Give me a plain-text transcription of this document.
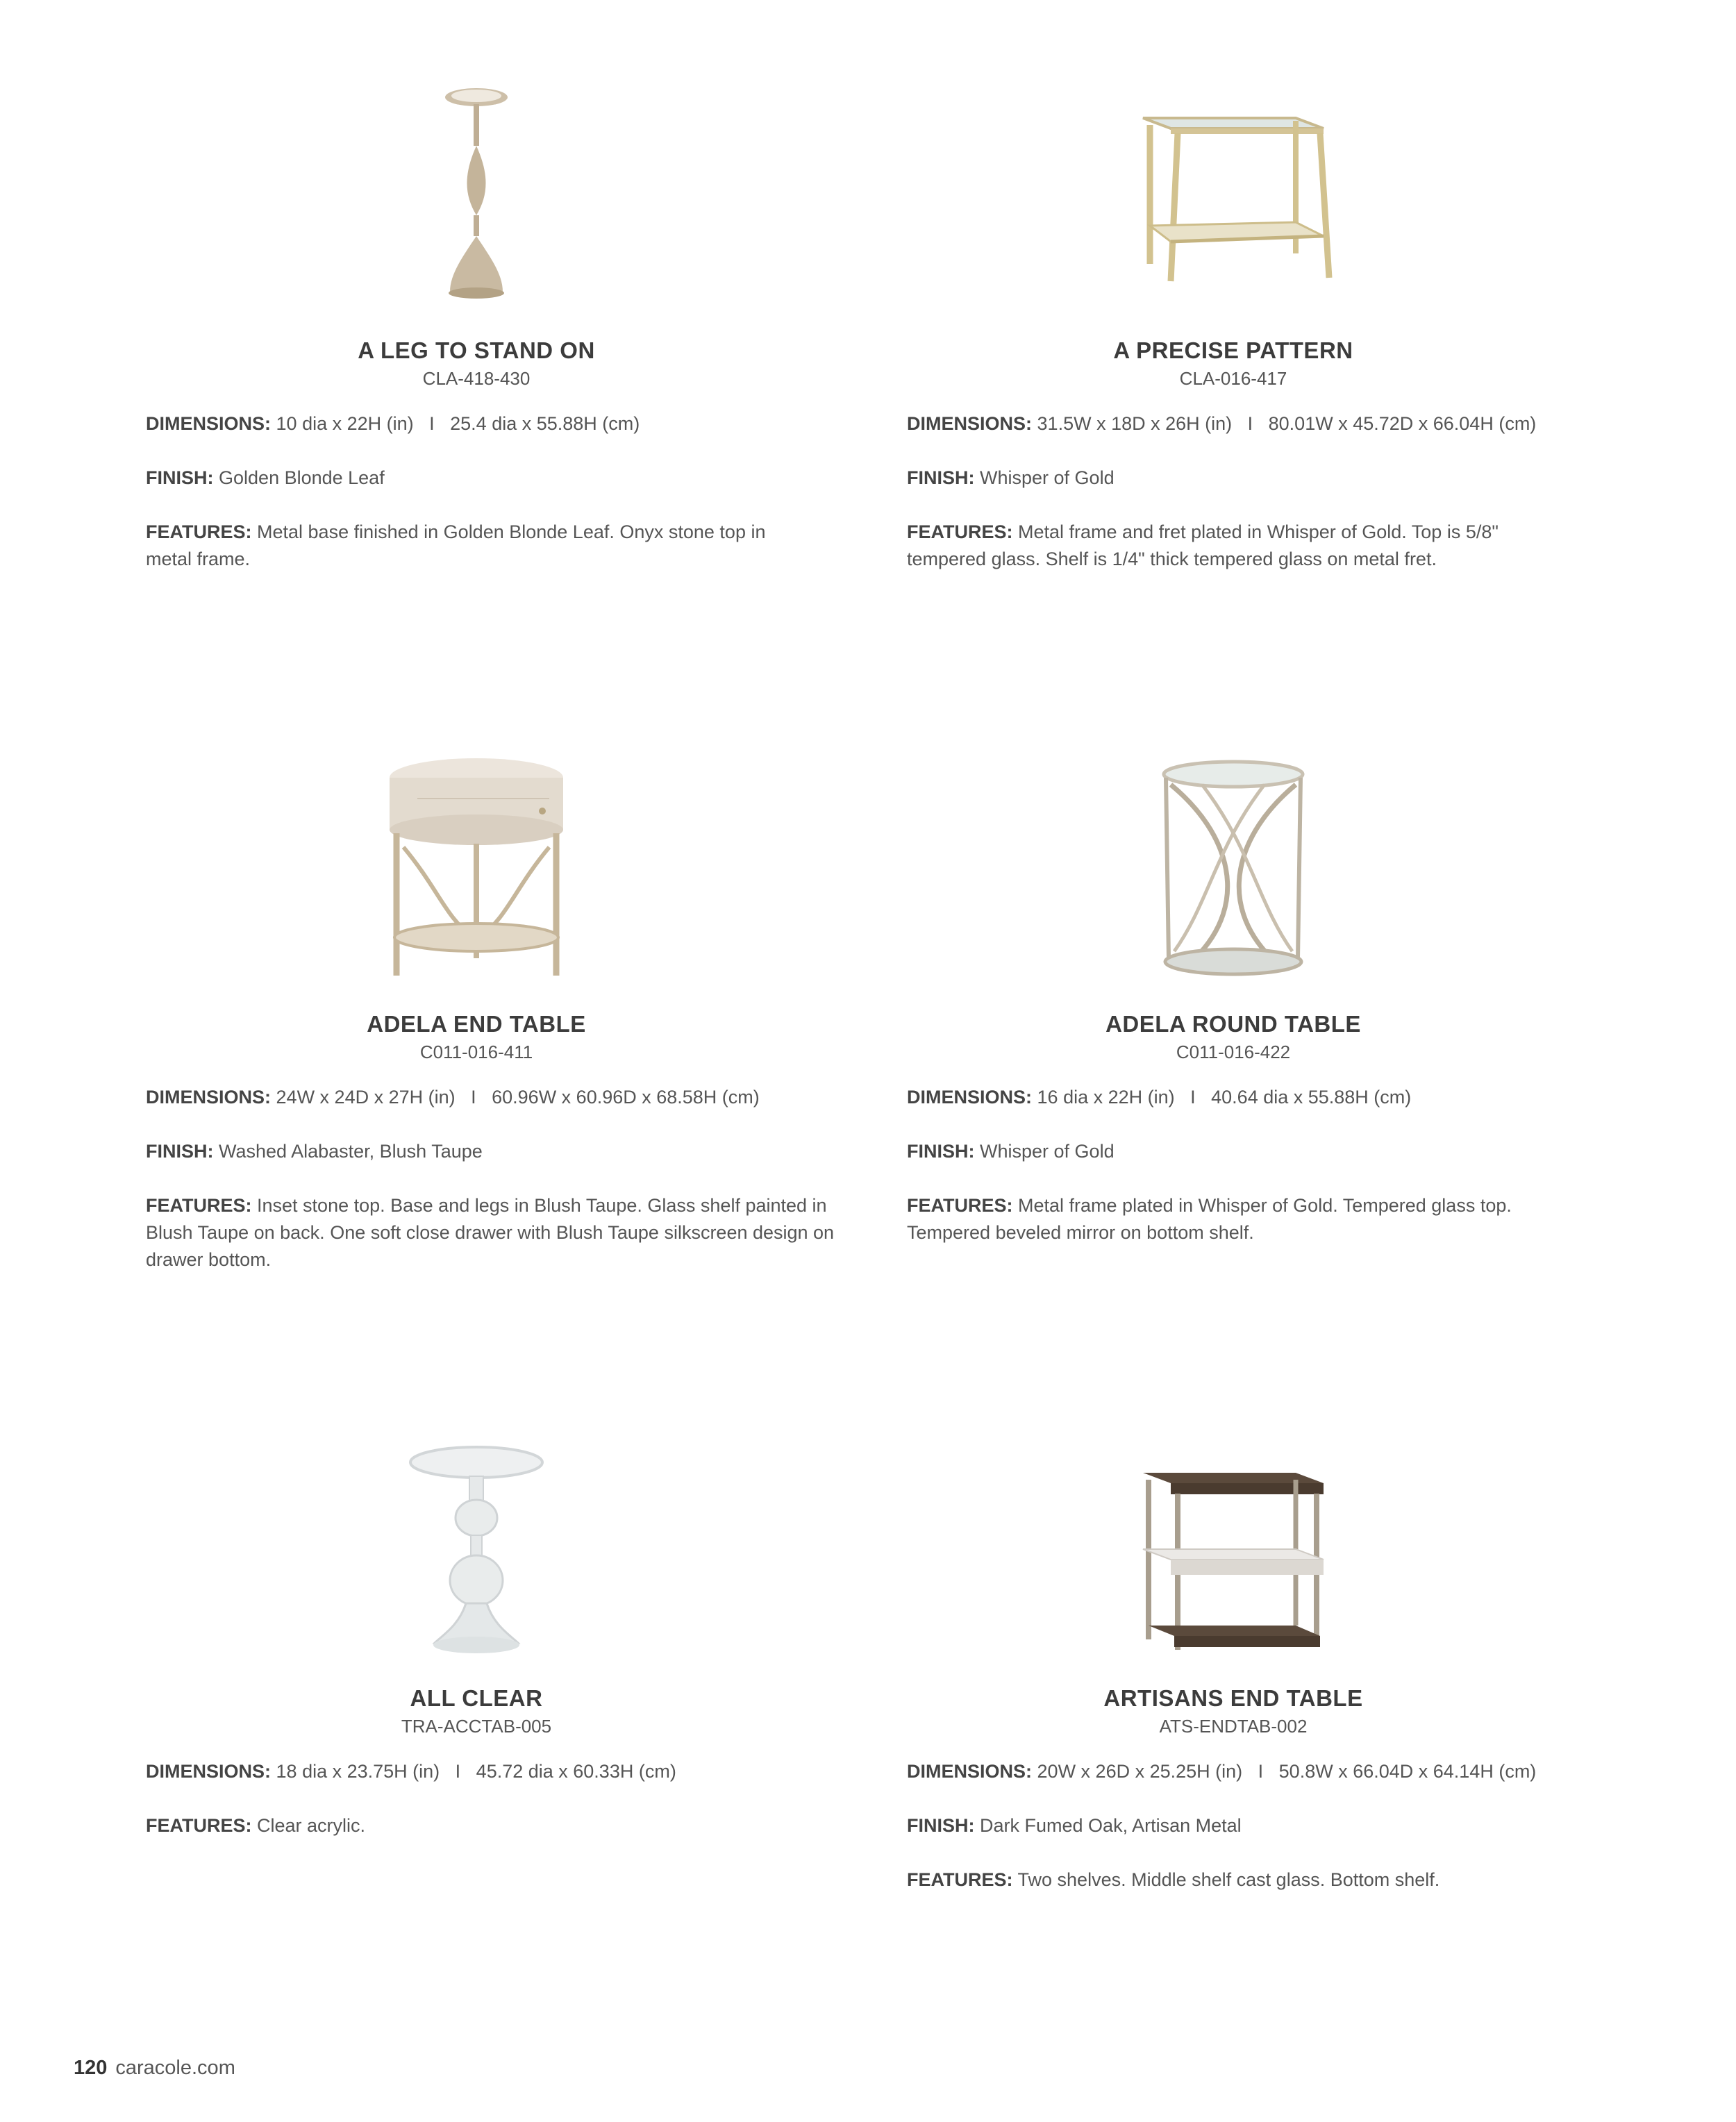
A LEG TO STAND ON
CLA-418-430
DIMENSIONS: 10 dia x 22H (in)   I   25.4 dia x 55.88H (cm)
FINISH: Golden Blonde Leaf
FEATURES: Metal base finished in Golden Blonde Leaf. Onyx stone top in metal frame.
A PRECISE PATTERN
CLA-016-417
DIMENSIONS: 31.5W x 18D x 26H (in)   I   80.01W x 45.72D x 66.04H (cm)
FINISH: Whisper of Gold
FEATURES: Metal frame and fret plated in Whisper of Gold. Top is 5/8" tempered glass. Shelf is 1/4" thick tempered glass on metal fret.
ADELA END TABLE
C011-016-411
DIMENSIONS: 24W x 24D x 27H (in)   I   60.96W x 60.96D x 68.58H (cm)
FINISH: Washed Alabaster, Blush Taupe
FEATURES: Inset stone top. Base and legs in Blush Taupe. Glass shelf painted in Blush Taupe on back. One soft close drawer with Blush Taupe silkscreen design on drawer bottom.
ADELA ROUND TABLE
C011-016-422
DIMENSIONS: 16 dia x 22H (in)   I   40.64 dia x 55.88H (cm)
FINISH: Whisper of Gold
FEATURES: Metal frame plated in Whisper of Gold. Tempered glass top. Tempered beveled mirror on bottom shelf.
ALL CLEAR
TRA-ACCTAB-005
DIMENSIONS: 18 dia x 23.75H (in)   I   45.72 dia x 60.33H (cm)
FEATURES: Clear acrylic.
ARTISANS END TABLE
ATS-ENDTAB-002
DIMENSIONS: 20W x 26D x 25.25H (in)   I   50.8W x 66.04D x 64.14H (cm)
FINISH: Dark Fumed Oak, Artisan Metal
FEATURES: Two shelves. Middle shelf cast glass. Bottom shelf.
120 caracole.com
